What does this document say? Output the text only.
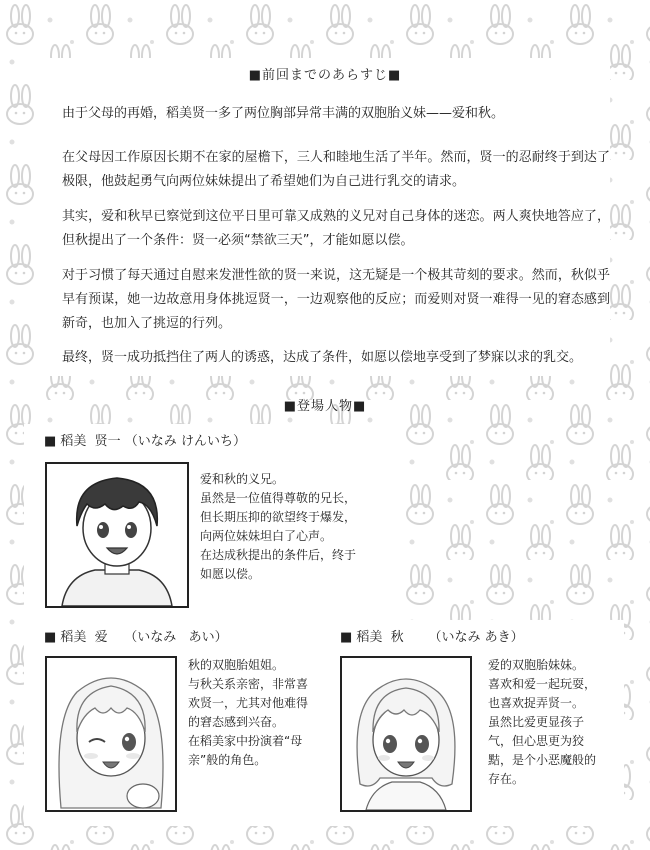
■前回までのあらすじ■
由于父母的再婚，稻美贤一多了两位胸部异常丰满的双胞胎义妹——爱和秋。
在父母因工作原因长期不在家的屋檐下，三人和睦地生活了半年。然而，贤一的忍耐终于到达了极限，他鼓起勇气向两位妹妹提出了希望她们为自己进行乳交的请求。
其实，爱和秋早已察觉到这位平日里可靠又成熟的义兄对自己身体的迷恋。两人爽快地答应了，但秋提出了一个条件：贤一必须“禁欲三天”，才能如愿以偿。
对于习惯了每天通过自慰来发泄性欲的贤一来说，这无疑是一个极其苛刻的要求。然而，秋似乎早有预谋，她一边故意用身体挑逗贤一，一边观察他的反应；而爱则对贤一难得一见的窘态感到新奇，也加入了挑逗的行列。
最终，贤一成功抵挡住了两人的诱惑，达成了条件，如愿以偿地享受到了梦寐以求的乳交。
■登場人物■
■ 稻美  贤一 （いなみ けんいち）
爱和秋的义兄。
虽然是一位值得尊敬的兄长，
但长期压抑的欲望终于爆发，
向两位妹妹坦白了心声。
在达成秋提出的条件后，终于
如愿以偿。
■ 稻美  爱    （いなみ   あい）
秋的双胞胎姐姐。
与秋关系亲密，非常喜
欢贤一，尤其对他难得
的窘态感到兴奋。
在稻美家中扮演着“母
亲”般的角色。
■ 稻美  秋      （いなみ あき）
爱的双胞胎妹妹。
喜欢和爱一起玩耍，
也喜欢捉弄贤一。
虽然比爱更显孩子
气，但心思更为狡
黠，是个小恶魔般的
存在。
